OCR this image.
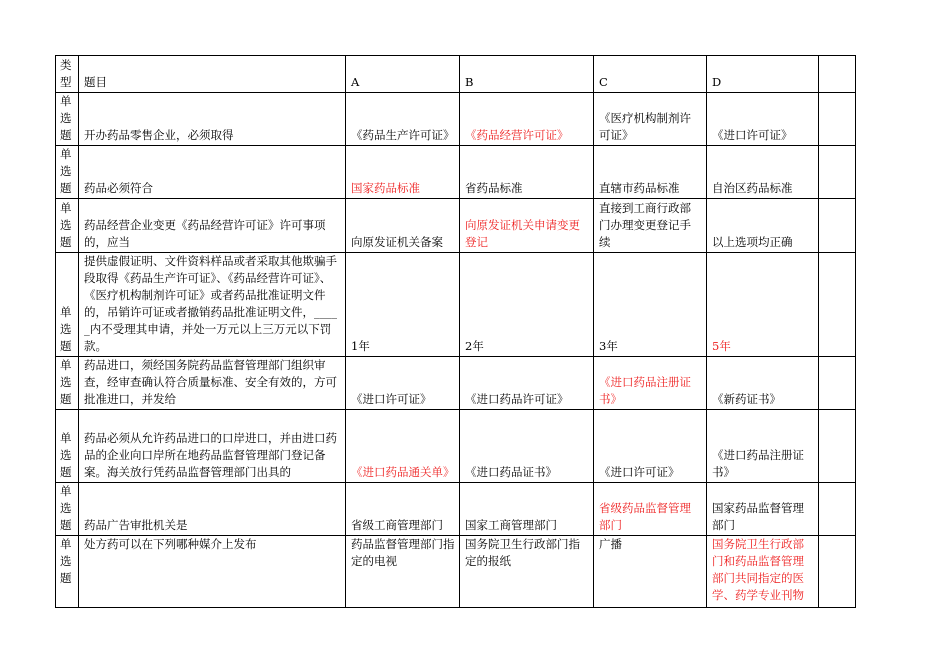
类型	题目	A	B	C	D	
单选题	开办药品零售企业，必须取得	《药品生产许可证》	《药品经营许可证》	《医疗机构制剂许可证》	《进口许可证》	
单选题	药品必须符合	国家药品标准	省药品标准	直辖市药品标准	自治区药品标准	
单选题	药品经营企业变更《药品经营许可证》许可事项的，应当	向原发证机关备案	向原发证机关申请变更登记	直接到工商行政部门办理变更登记手续	以上选项均正确	
单选题	提供虚假证明、文件资料样品或者采取其他欺骗手段取得《药品生产许可证》、《药品经营许可证》、《医疗机构制剂许可证》或者药品批准证明文件的，吊销许可证或者撤销药品批准证明文件，_____内不受理其申请，并处一万元以上三万元以下罚款。	1年	2年	3年	5年	
单选题	药品进口，须经国务院药品监督管理部门组织审查，经审查确认符合质量标准、安全有效的，方可批准进口，并发给	《进口许可证》	《进口药品许可证》	《进口药品注册证书》	《新药证书》	
单选题	药品必须从允许药品进口的口岸进口，并由进口药品的企业向口岸所在地药品监督管理部门登记备案。海关放行凭药品监督管理部门出具的	《进口药品通关单》	《进口药品证书》	《进口许可证》	《进口药品注册证书》	
单选题	药品广告审批机关是	省级工商管理部门	国家工商管理部门	省级药品监督管理部门	国家药品监督管理部门	
单选题	处方药可以在下列哪种媒介上发布	药品监督管理部门指定的电视	国务院卫生行政部门指定的报纸	广播	国务院卫生行政部门和药品监督管理部门共同指定的医学、药学专业刊物	
